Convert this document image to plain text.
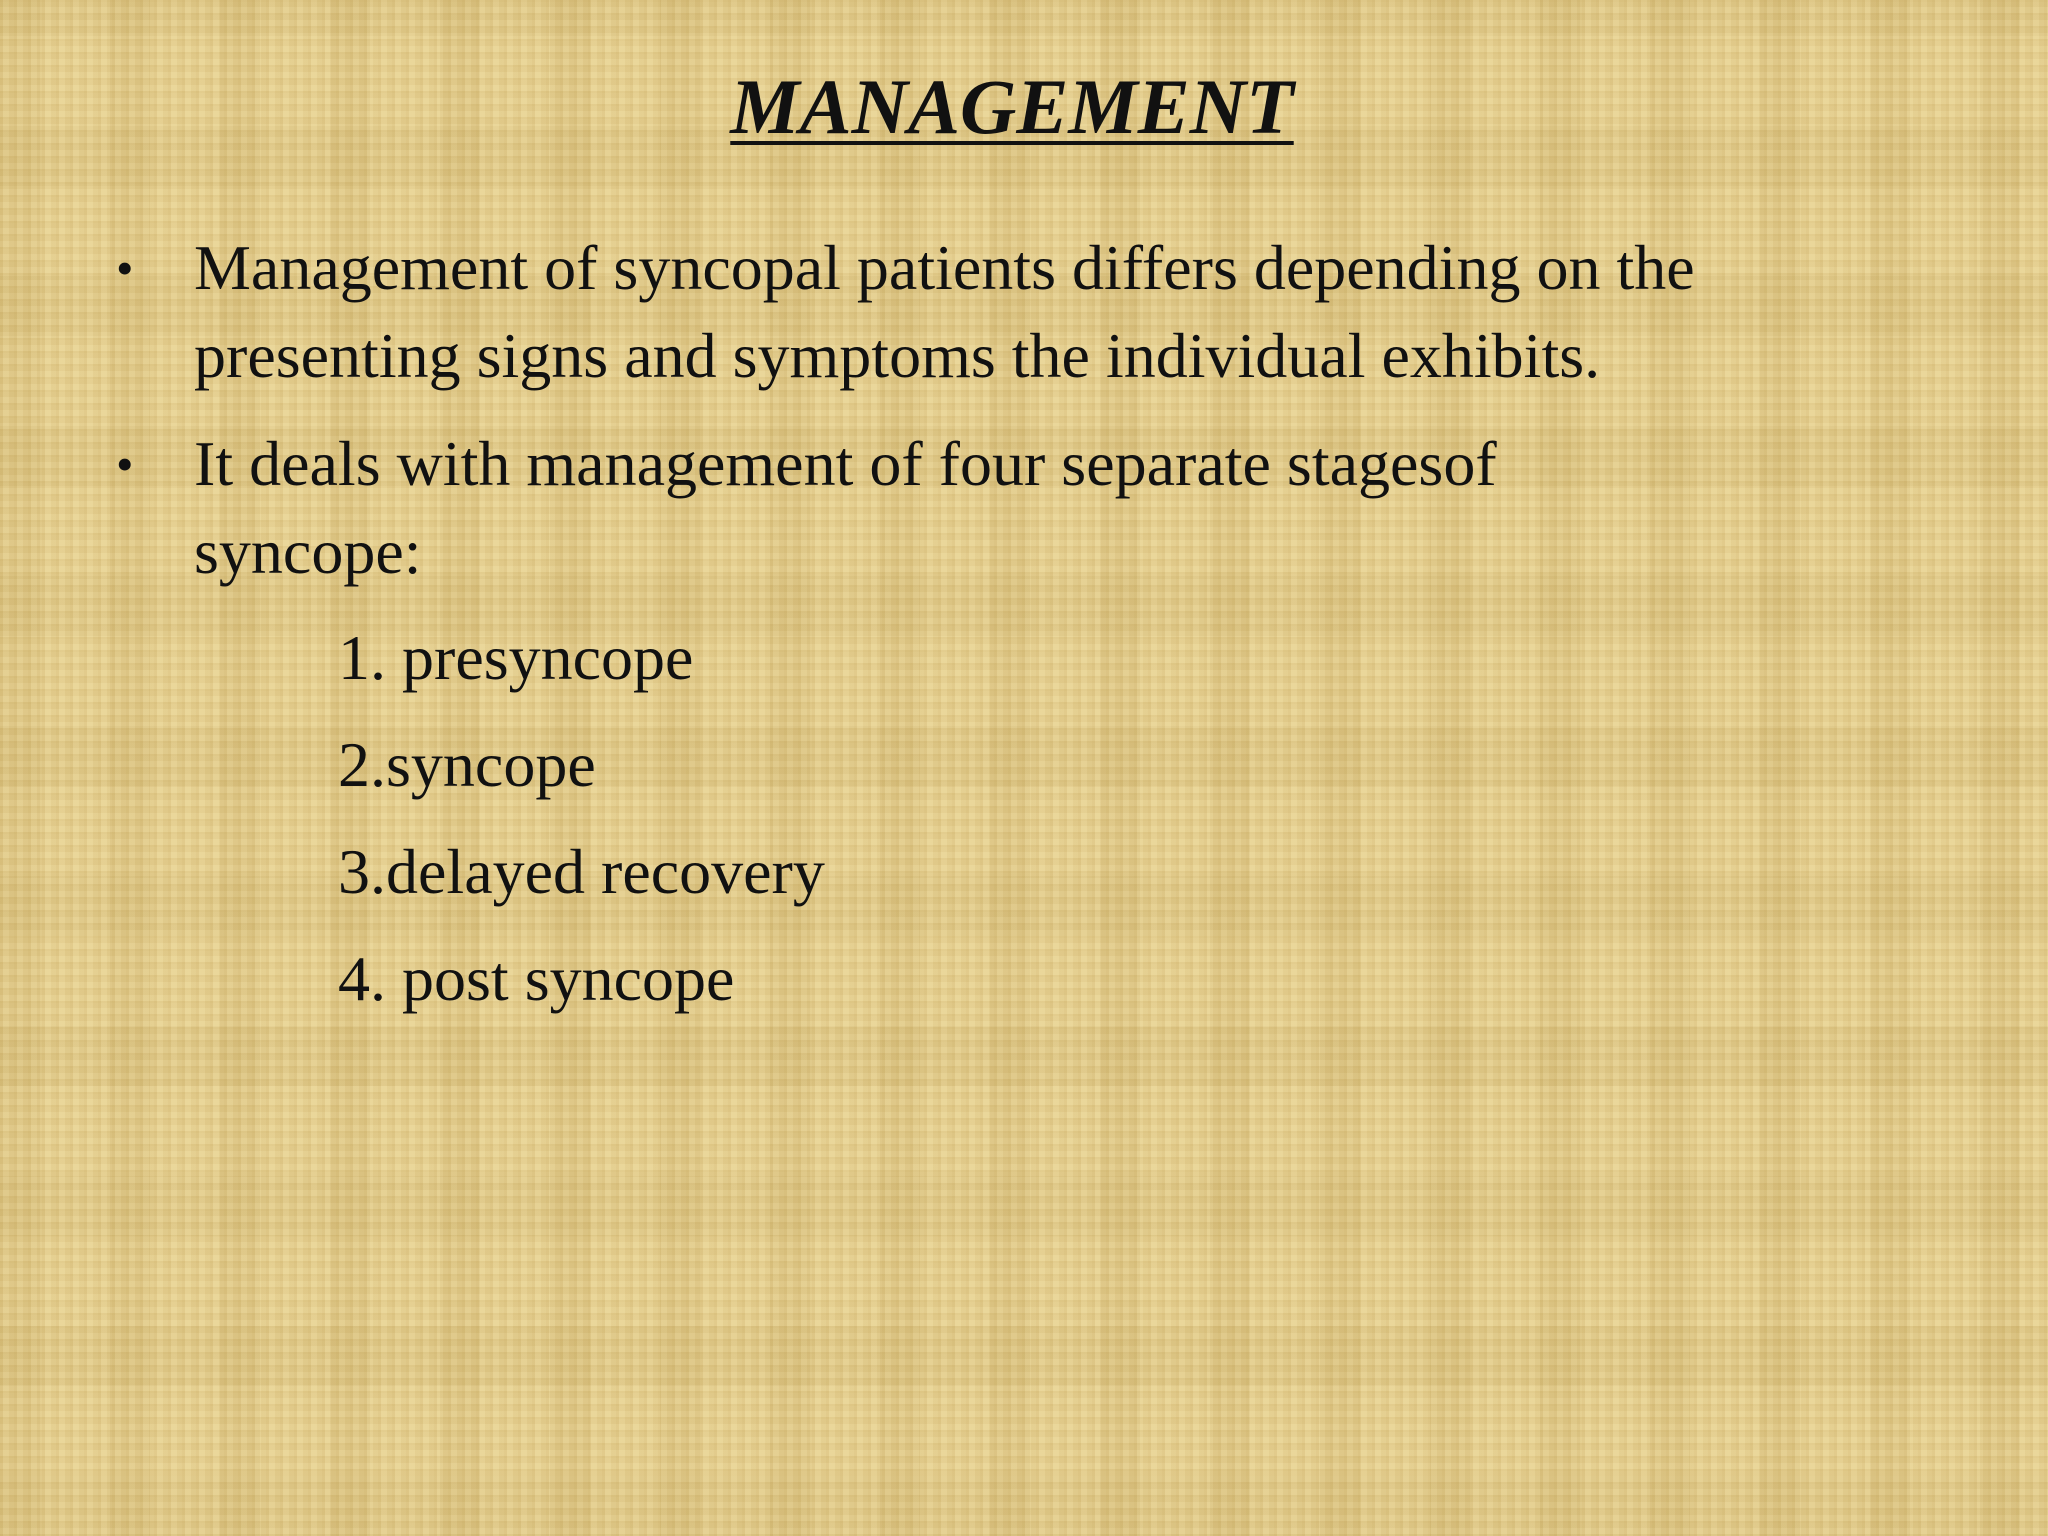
MANAGEMENT
• Management of syncopal patients differs depending on the
presenting signs and symptoms the individual exhibits.
• It deals with management of four separate stagesof
syncope:
1. presyncope
2.syncope
3.delayed recovery
4. post syncope
